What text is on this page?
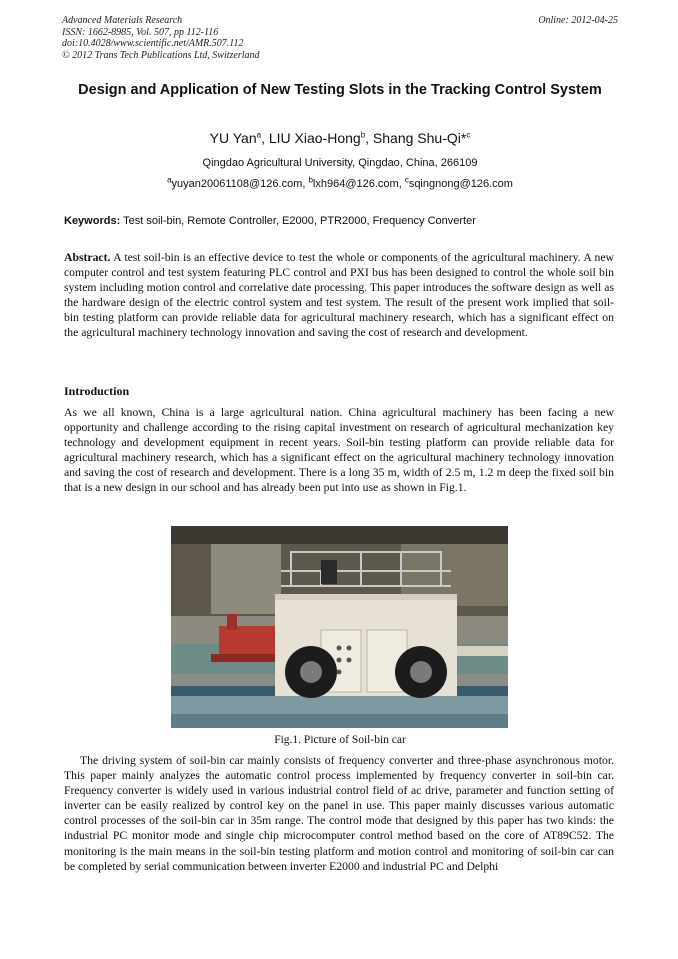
Advanced Materials Research
ISSN: 1662-8985, Vol. 507, pp 112-116
doi:10.4028/www.scientific.net/AMR.507.112
© 2012 Trans Tech Publications Ltd, Switzerland
Online: 2012-04-25
Design and Application of New Testing Slots in the Tracking Control System
YU Yan$^a$, LIU Xiao-Hong$^b$, Shang Shu-Qi*$^c$
Qingdao Agricultural University, Qingdao, China, 266109
$^a$yuyan20061108@126.com, $^b$lxh964@126.com, $^c$sqingnong@126.com
Keywords: Test soil-bin, Remote Controller, E2000, PTR2000, Frequency Converter
Abstract. A test soil-bin is an effective device to test the whole or components of the agricultural machinery. A new computer control and test system featuring PLC control and PXI bus has been designed to control the whole soil bin system including motion control and correlative date processing. This paper introduces the software design as well as the hardware design of the electric control system and test system. The result of the present work implied that soil-bin testing platform can provide reliable data for agricultural machinery research, which has a significant effect on the agricultural machinery technology innovation and saving the cost of research and development.
Introduction
As we all known, China is a large agricultural nation. China agricultural machinery has been facing a new opportunity and challenge according to the rising capital investment on research of agricultural mechanization key technology and development equipment in recent years. Soil-bin testing platform can provide reliable data for agricultural machinery research, which has a significant effect on the agricultural machinery technology innovation and saving the cost of research and development. There is a long 35 m, width of 2.5 m, 1.2 m deep the fixed soil bin that is a new design in our school and has already been put into use as shown in Fig.1.
Fig.1. Picture of Soil-bin car
The driving system of soil-bin car mainly consists of frequency converter and three-phase asynchronous motor. This paper mainly analyzes the automatic control process implemented by frequency converter in soil-bin car. Frequency converter is widely used in various industrial control field of ac drive, parameter and function setting of inverter can be easily realized by control key on the panel in use. This paper mainly discusses various automatic control processes of the soil-bin car in 35m range. The control mode that designed by this paper has two kinds: the industrial PC monitor mode and single chip microcomputer control method based on the core of AT89C52. The monitoring is the main means in the soil-bin testing platform and motion control and monitoring of soil-bin car can be completed by serial communication between inverter E2000 and industrial PC and Delphi
